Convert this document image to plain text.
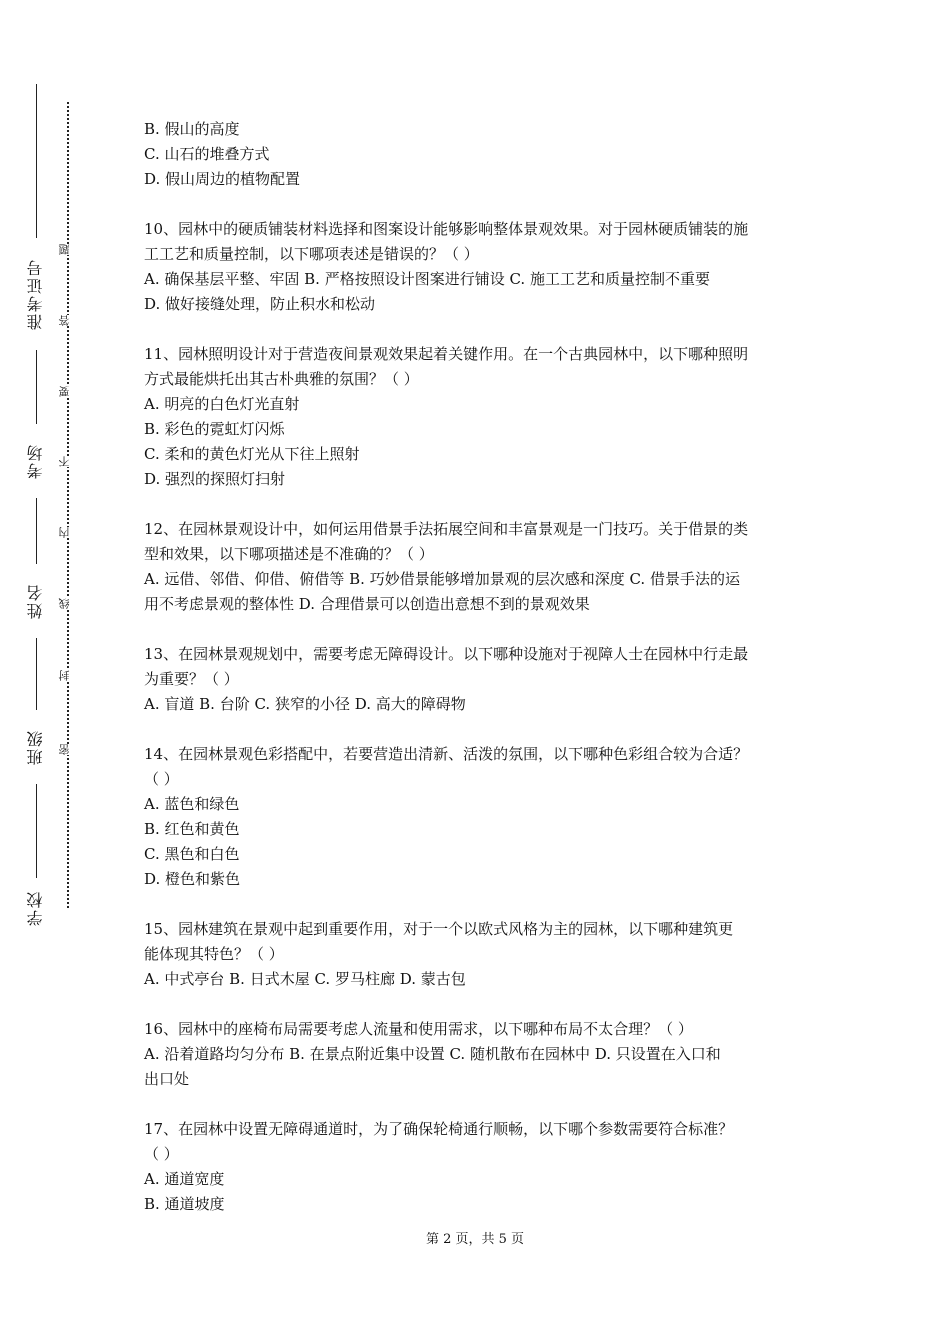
准考证号
考场
姓名
班级
学校
题
答
要
不
内
线
封
密
B. 假山的高度
C. 山石的堆叠方式
D. 假山周边的植物配置
10、园林中的硬质铺装材料选择和图案设计能够影响整体景观效果。对于园林硬质铺装的施
工工艺和质量控制，以下哪项表述是错误的？（ ）
A. 确保基层平整、牢固 B. 严格按照设计图案进行铺设 C. 施工工艺和质量控制不重要
D. 做好接缝处理，防止积水和松动
11、园林照明设计对于营造夜间景观效果起着关键作用。在一个古典园林中，以下哪种照明
方式最能烘托出其古朴典雅的氛围？（ ）
A. 明亮的白色灯光直射
B. 彩色的霓虹灯闪烁
C. 柔和的黄色灯光从下往上照射
D. 强烈的探照灯扫射
12、在园林景观设计中，如何运用借景手法拓展空间和丰富景观是一门技巧。关于借景的类
型和效果，以下哪项描述是不准确的？（ ）
A. 远借、邻借、仰借、俯借等 B. 巧妙借景能够增加景观的层次感和深度 C. 借景手法的运
用不考虑景观的整体性 D. 合理借景可以创造出意想不到的景观效果
13、在园林景观规划中，需要考虑无障碍设计。以下哪种设施对于视障人士在园林中行走最
为重要？（ ）
A. 盲道 B. 台阶 C. 狭窄的小径 D. 高大的障碍物
14、在园林景观色彩搭配中，若要营造出清新、活泼的氛围，以下哪种色彩组合较为合适？
（ ）
A. 蓝色和绿色
B. 红色和黄色
C. 黑色和白色
D. 橙色和紫色
15、园林建筑在景观中起到重要作用，对于一个以欧式风格为主的园林，以下哪种建筑更
能体现其特色？（ ）
A. 中式亭台 B. 日式木屋 C. 罗马柱廊 D. 蒙古包
16、园林中的座椅布局需要考虑人流量和使用需求，以下哪种布局不太合理？（ ）
A. 沿着道路均匀分布 B. 在景点附近集中设置 C. 随机散布在园林中 D. 只设置在入口和
出口处
17、在园林中设置无障碍通道时，为了确保轮椅通行顺畅，以下哪个参数需要符合标准？
（ ）
A. 通道宽度
B. 通道坡度
第 2 页，共 5 页
